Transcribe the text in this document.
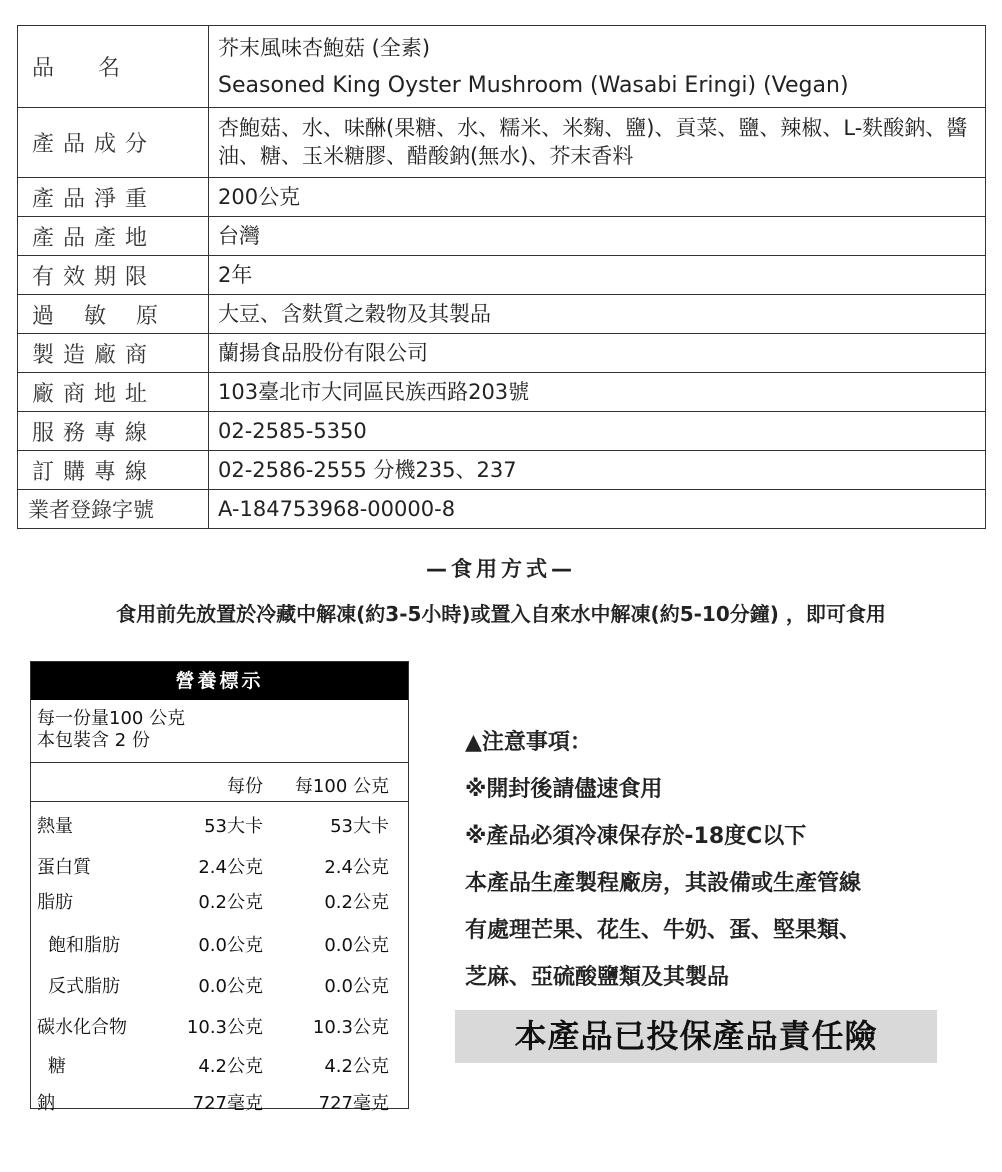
品　　名	芥末風味杏鮑菇 (全素)
Seasoned King Oyster Mushroom (Wasabi Eringi) (Vegan)

產品成分	杏鮑菇、水、味醂(果糖、水、糯米、米麴、鹽)、貢菜、鹽、辣椒、L-麩酸鈉、醬油、糖、玉米糖膠、醋酸鈉(無水)、芥末香料
產品淨重	200公克
產品產地	台灣
有效期限	2年
過敏原	大豆、含麩質之穀物及其製品
製造廠商	蘭揚食品股份有限公司
廠商地址	103臺北市大同區民族西路203號
服務專線	02-2585-5350
訂購專線	02-2586-2555 分機235、237
業者登錄字號	A-184753968-00000-8
—食用方式—
食用前先放置於冷藏中解凍(約3-5小時)或置入自來水中解凍(約5-10分鐘) ，即可食用
營養標示
每一份量100 公克
本包裝含 2 份
每份 每100 公克
熱量	53大卡	53大卡
蛋白質	2.4公克	2.4公克
脂肪	0.2公克	0.2公克
飽和脂肪	0.0公克	0.0公克
反式脂肪	0.0公克	0.0公克
碳水化合物	10.3公克	10.3公克
糖	4.2公克	4.2公克
鈉	727毫克	727毫克
▲注意事項：
※開封後請儘速食用
※產品必須冷凍保存於-18度C以下
本產品生產製程廠房，其設備或生產管線
有處理芒果、花生、牛奶、蛋、堅果類、
芝麻、亞硫酸鹽類及其製品
本產品已投保產品責任險
